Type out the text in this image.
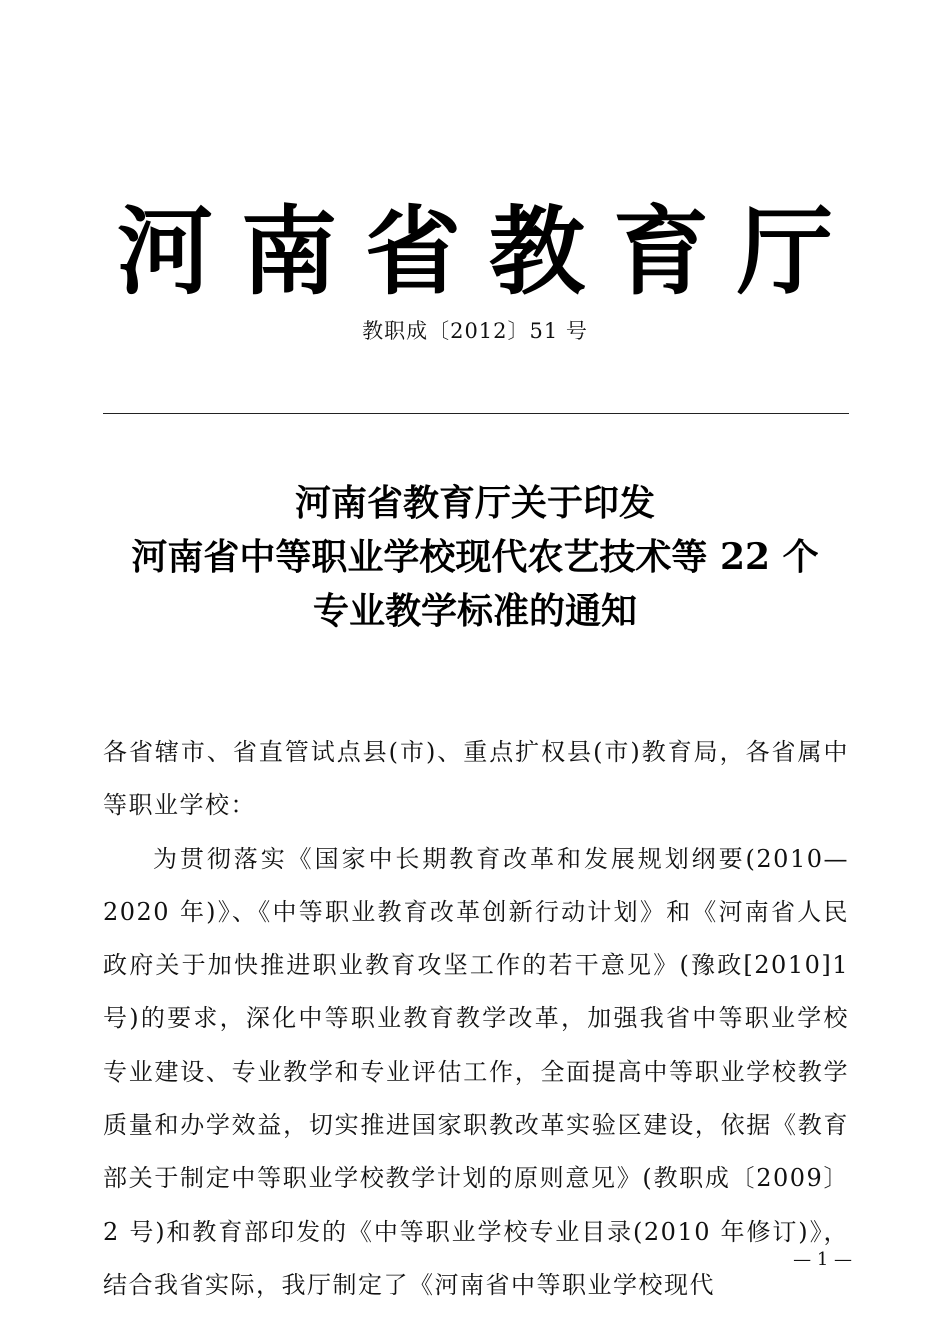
河南省教育厅
教职成〔2012〕51 号
河南省教育厅关于印发
河南省中等职业学校现代农艺技术等 22 个
专业教学标准的通知

各省辖市、省直管试点县(市)、重点扩权县(市)教育局，各省属中等职业学校：

为贯彻落实《国家中长期教育改革和发展规划纲要(2010—2020 年)》、《中等职业教育改革创新行动计划》和《河南省人民政府关于加快推进职业教育攻坚工作的若干意见》(豫政[2010]1 号)的要求，深化中等职业教育教学改革，加强我省中等职业学校专业建设、专业教学和专业评估工作，全面提高中等职业学校教学质量和办学效益，切实推进国家职教改革实验区建设，依据《教育部关于制定中等职业学校教学计划的原则意见》(教职成〔2009〕2 号)和教育部印发的《中等职业学校专业目录(2010 年修订)》，结合我省实际，我厅制定了《河南省中等职业学校现代

— 1 —
